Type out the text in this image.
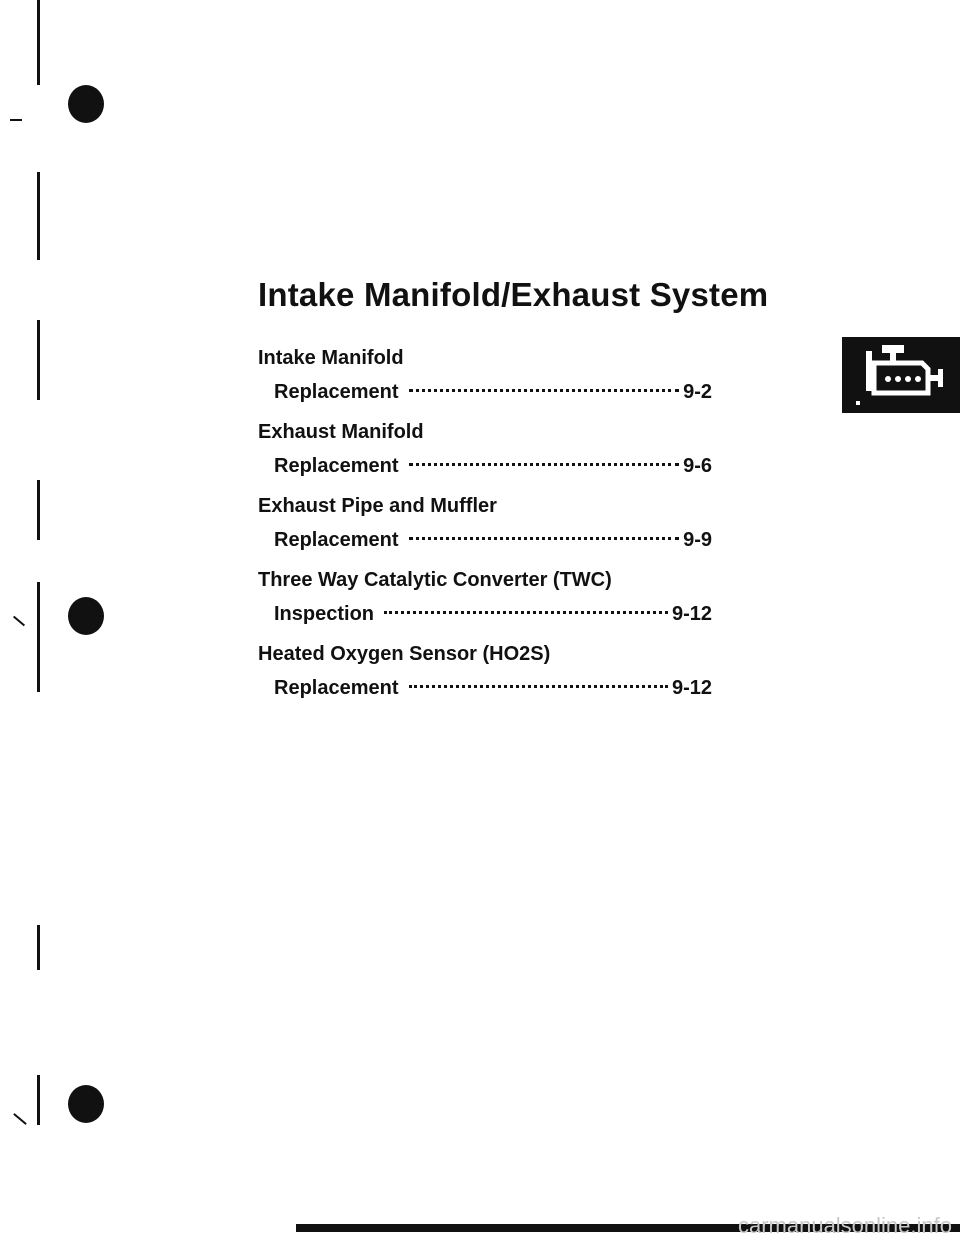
Intake Manifold/Exhaust System
Intake Manifold
Replacement	9-2
Exhaust Manifold
Replacement	9-6
Exhaust Pipe and Muffler
Replacement	9-9
Three Way Catalytic Converter (TWC)
Inspection	9-12
Heated Oxygen Sensor (HO2S)
Replacement	9-12
carmanualsonline.info
